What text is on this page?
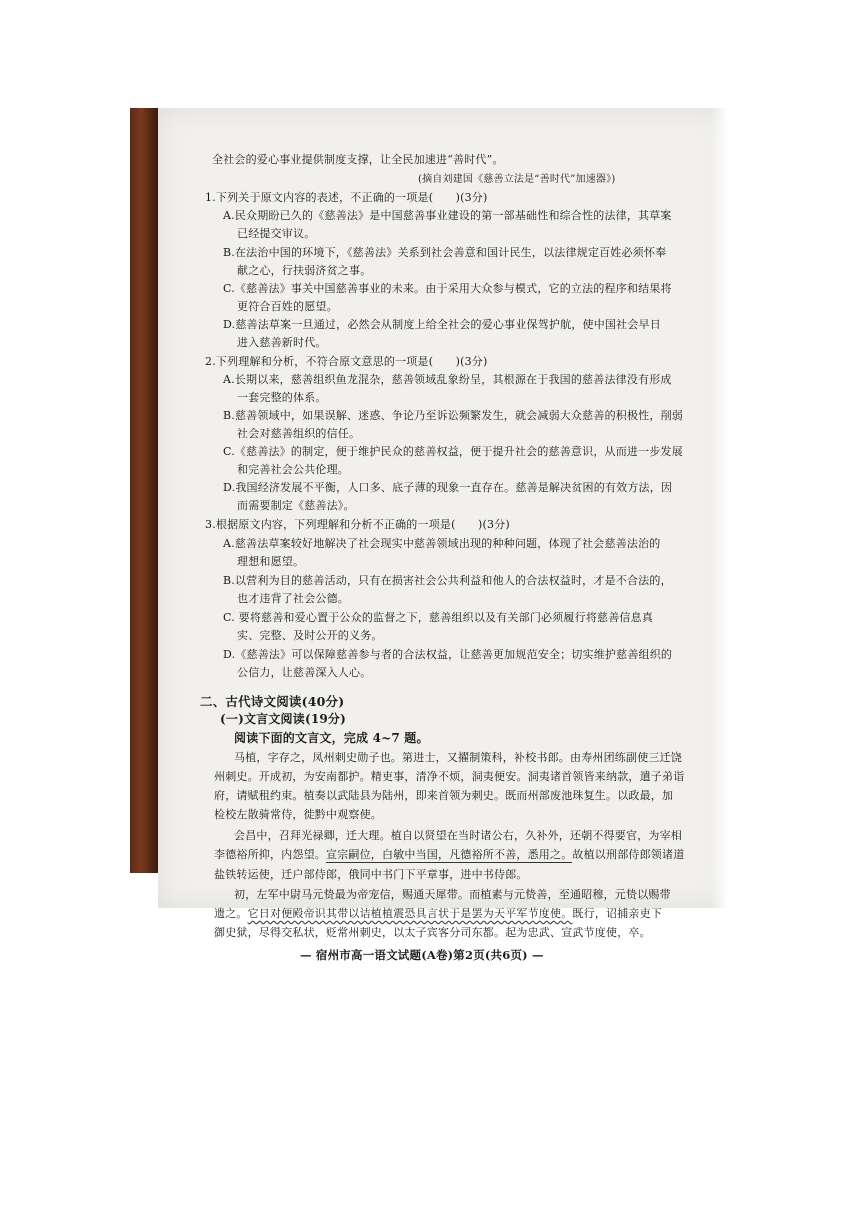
全社会的爱心事业提供制度支撑，让全民加速进“善时代”。
(摘自刘建国《慈善立法是“善时代”加速器》)
1.下列关于原文内容的表述，不正确的一项是(　　)(3分)
A.民众期盼已久的《慈善法》是中国慈善事业建设的第一部基础性和综合性的法律，其草案
已经提交审议。
B.在法治中国的环境下，《慈善法》关系到社会善意和国计民生，以法律规定百姓必须怀奉
献之心，行扶弱济贫之事。
C.《慈善法》事关中国慈善事业的未来。由于采用大众参与模式，它的立法的程序和结果将
更符合百姓的愿望。
D.慈善法草案一旦通过，必然会从制度上给全社会的爱心事业保驾护航，使中国社会早日
进入慈善新时代。
2.下列理解和分析，不符合原文意思的一项是(　　)(3分)
A.长期以来，慈善组织鱼龙混杂，慈善领域乱象纷呈，其根源在于我国的慈善法律没有形成
一套完整的体系。
B.慈善领域中，如果误解、迷惑、争论乃至诉讼频繁发生，就会减弱大众慈善的积极性，削弱
社会对慈善组织的信任。
C.《慈善法》的制定，便于维护民众的慈善权益，便于提升社会的慈善意识，从而进一步发展
和完善社会公共伦理。
D.我国经济发展不平衡，人口多、底子薄的现象一直存在。慈善是解决贫困的有效方法，因
而需要制定《慈善法》。
3.根据原文内容，下列理解和分析不正确的一项是(　　)(3分)
A.慈善法草案较好地解决了社会现实中慈善领域出现的种种问题，体现了社会慈善法治的
理想和愿望。
B.以营利为目的慈善活动，只有在损害社会公共利益和他人的合法权益时，才是不合法的，
也才违背了社会公德。
C. 要将慈善和爱心置于公众的监督之下，慈善组织以及有关部门必须履行将慈善信息真
实、完整、及时公开的义务。
D.《慈善法》可以保障慈善参与者的合法权益，让慈善更加规范安全；切实维护慈善组织的
公信力，让慈善深入人心。
二、古代诗文阅读(40分)
(一)文言文阅读(19分)
阅读下面的文言文，完成 4~7 题。
马植，字存之，凤州刺史勋子也。第进士，又擢制策科，补校书郎。由寿州团练副使三迁饶
州刺史。开成初，为安南都护。精吏事，清净不烦，洞夷便安。洞夷诸首领皆来纳款，遣子弟诣
府，请赋租约束。植奏以武陆县为陆州，即来首领为刺史。既而州部废池珠复生。以政最，加
检校左散骑常侍，徙黔中观察使。
会昌中，召拜光禄卿，迁大理。植自以贤望在当时诸公右，久补外，还朝不得要官，为宰相
李德裕所抑，内怨望。宣宗嗣位，白敏中当国，凡德裕所不善，悉用之。故植以刑部侍郎领诸道
盐铁转运使，迁户部侍郎，俄同中书门下平章事，进中书侍郎。
初，左军中尉马元贽最为帝宠信，赐通天犀带。而植素与元贽善，至通昭穆，元贽以赐带
遗之。它日对便殿帝识其带以诘植植震恐具言状于是罢为天平军节度使。既行，诏捕亲吏下
御史狱，尽得交私状，贬常州刺史，以太子宾客分司东都。起为忠武、宣武节度使，卒。
— 宿州市高一语文试题(A卷)第2页(共6页) —
